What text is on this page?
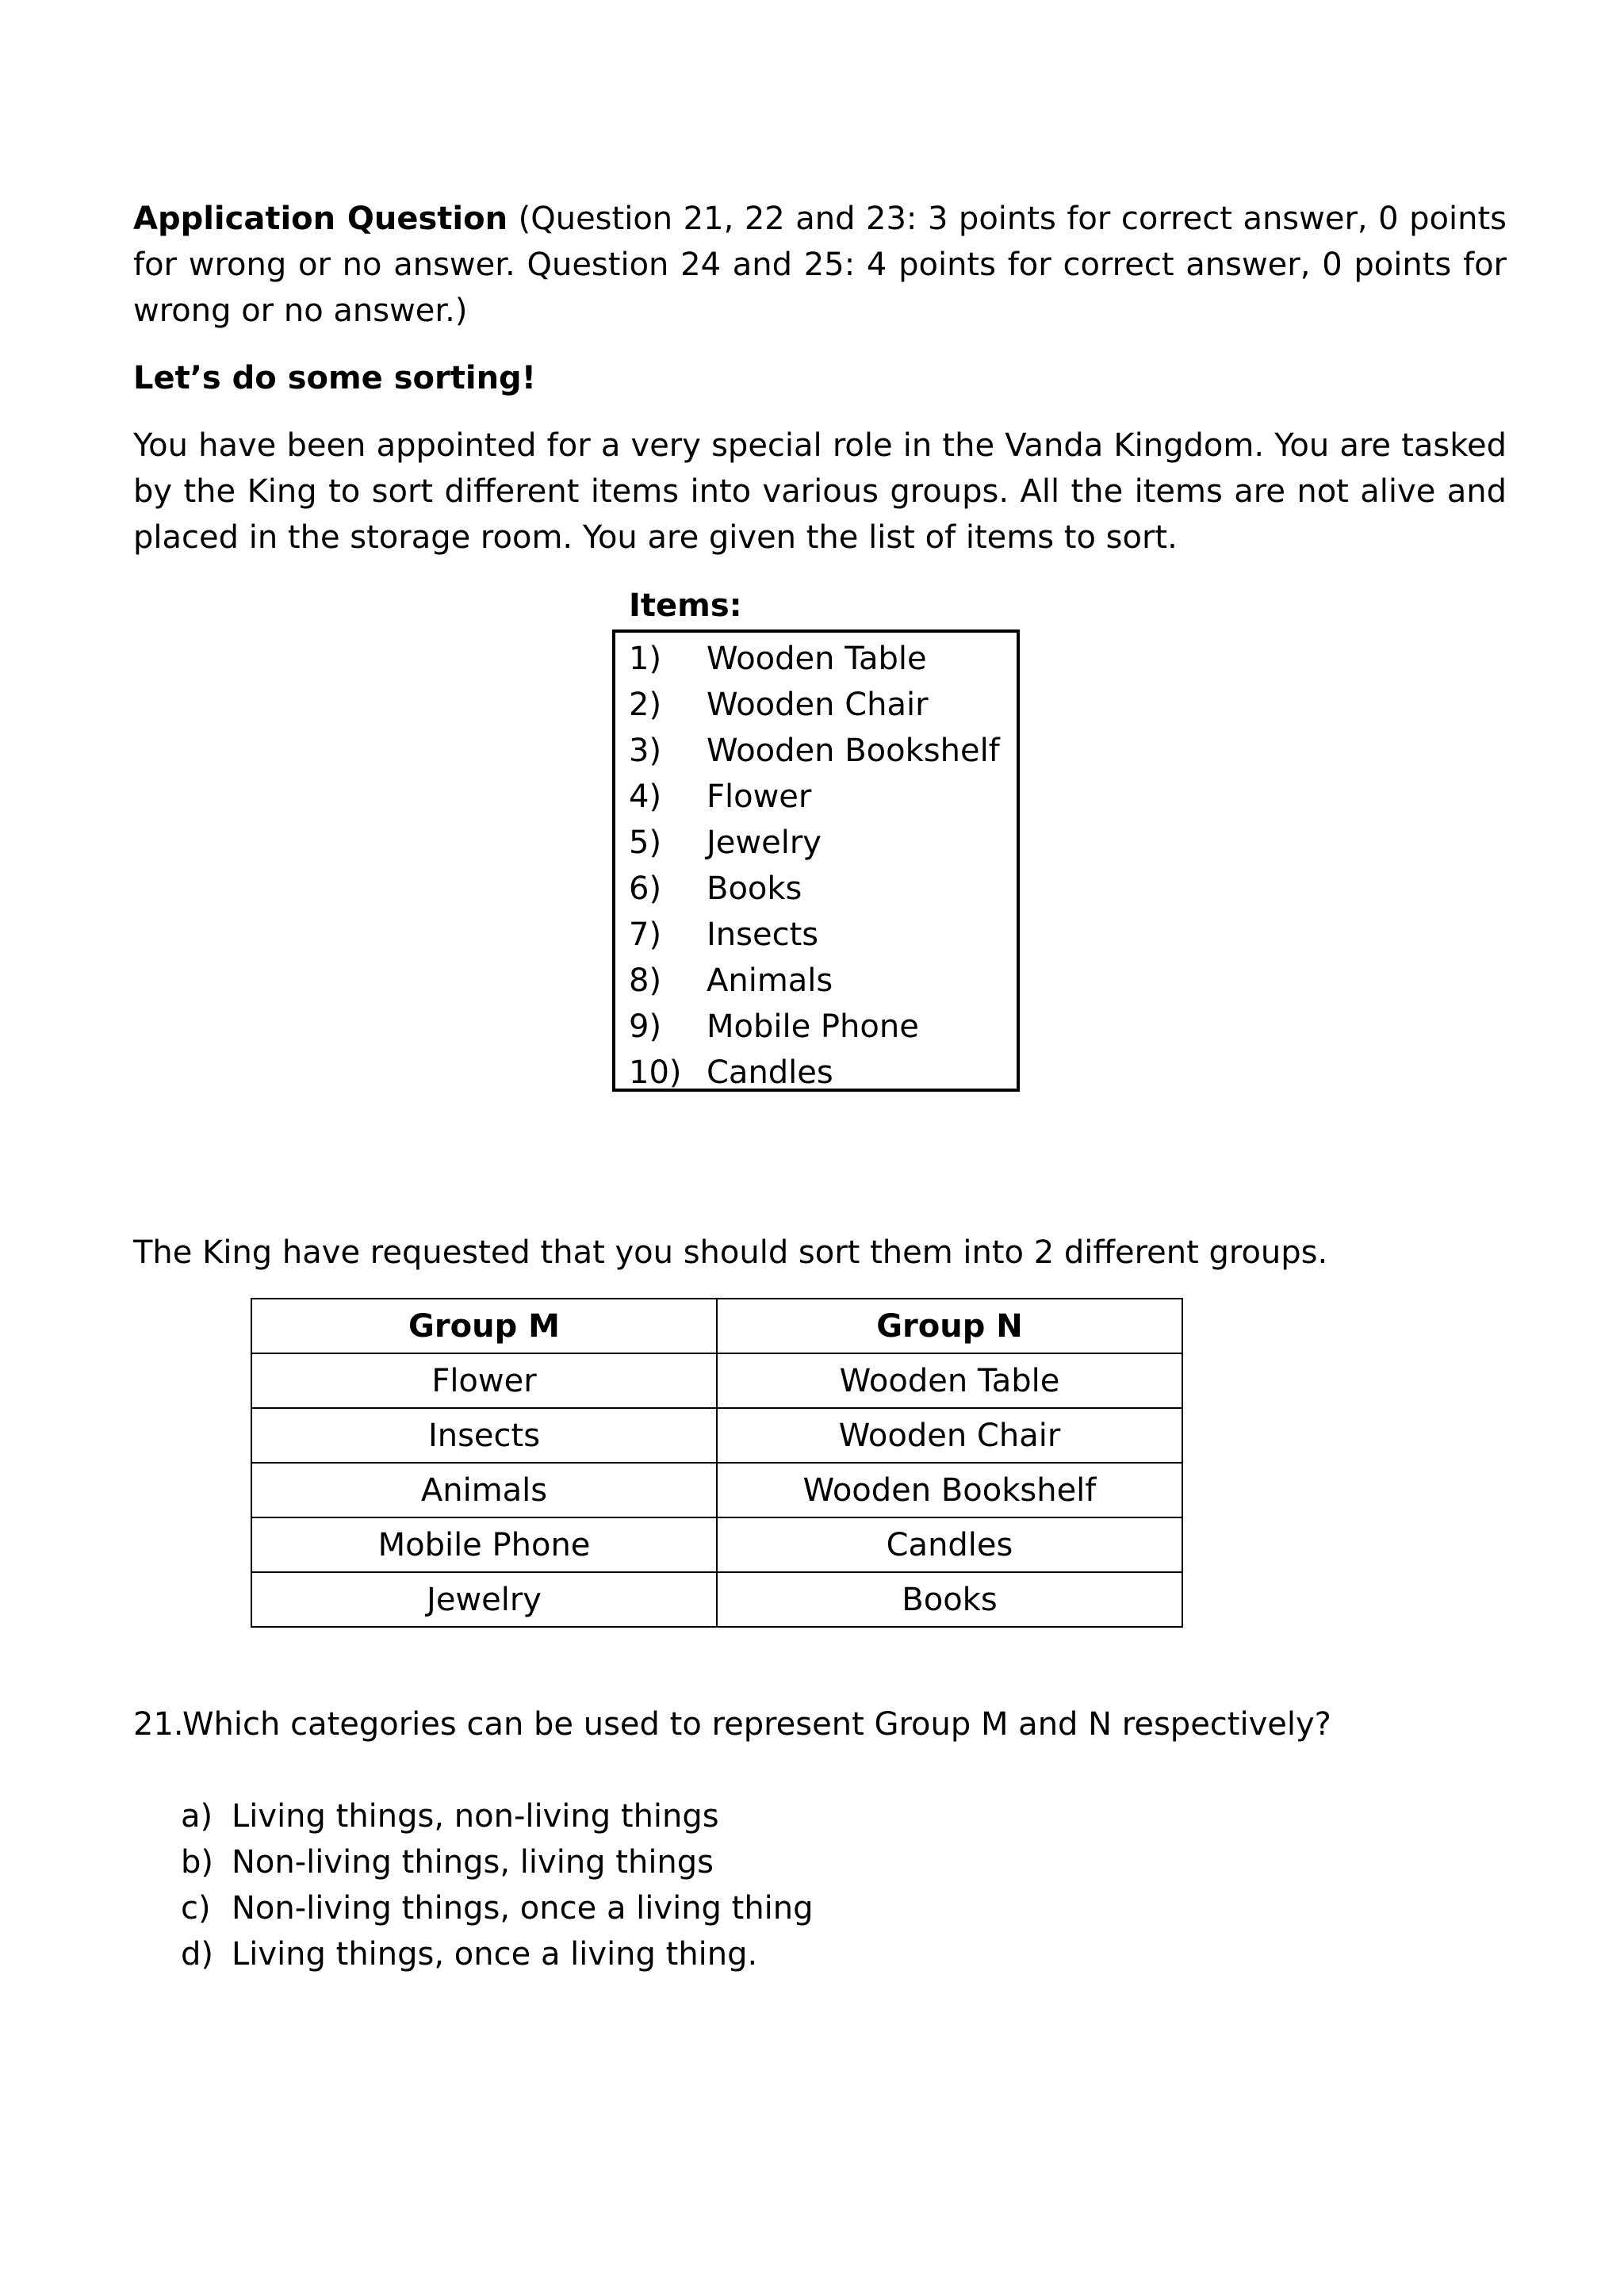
Application Question (Question 21, 22 and 23: 3 points for correct answer, 0 points for wrong or no answer. Question 24 and 25: 4 points for correct answer, 0 points for wrong or no answer.)
Let’s do some sorting!
You have been appointed for a very special role in the Vanda Kingdom. You are tasked by the King to sort different items into various groups. All the items are not alive and placed in the storage room. You are given the list of items to sort.
Items:
1)	Wooden Table
2)	Wooden Chair
3)	Wooden Bookshelf
4)	Flower
5)	Jewelry
6)	Books
7)	Insects
8)	Animals
9)	Mobile Phone
10) Candles
The King have requested that you should sort them into 2 different groups.
Group M	Group N
Flower	Wooden Table
Insects	Wooden Chair
Animals	Wooden Bookshelf
Mobile Phone	Candles
Jewelry	Books
21.
Which categories can be used to represent Group M and N respectively?
a) Living things, non-living things
b) Non-living things, living things
c) Non-living things, once a living thing
d) Living things, once a living thing.
